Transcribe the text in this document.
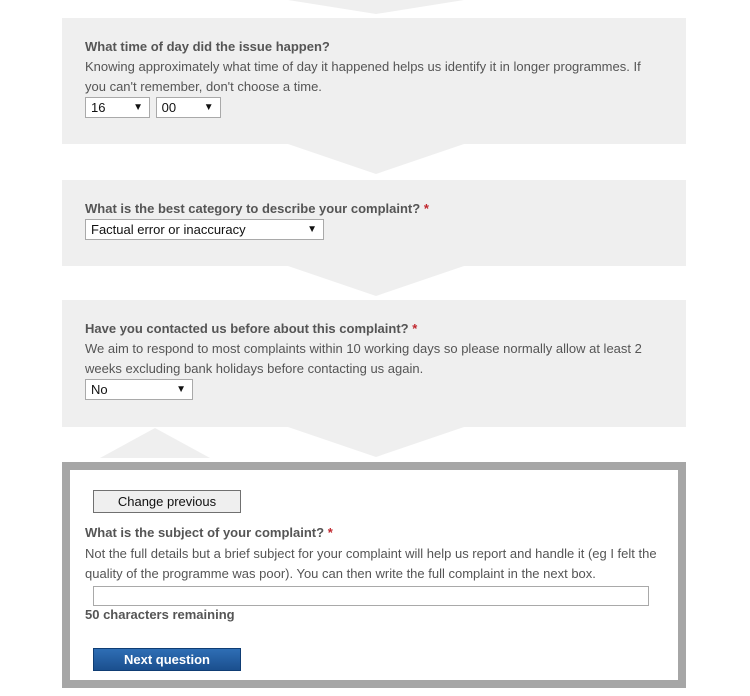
What time of day did the issue happen?
Knowing approximately what time of day it happened helps us identify it in longer programmes. If you can't remember, don't choose a time.
16	▼ 00	▼
What is the best category to describe your complaint? *
Factual error or inaccuracy	▼
Have you contacted us before about this complaint? *
We aim to respond to most complaints within 10 working days so please normally allow at least 2 weeks excluding bank holidays before contacting us again.
No	▼
Change previous
What is the subject of your complaint? *
Not the full details but a brief subject for your complaint will help us report and handle it (eg I felt the quality of the programme was poor). You can then write the full complaint in the next box.
50 characters remaining
Next question
